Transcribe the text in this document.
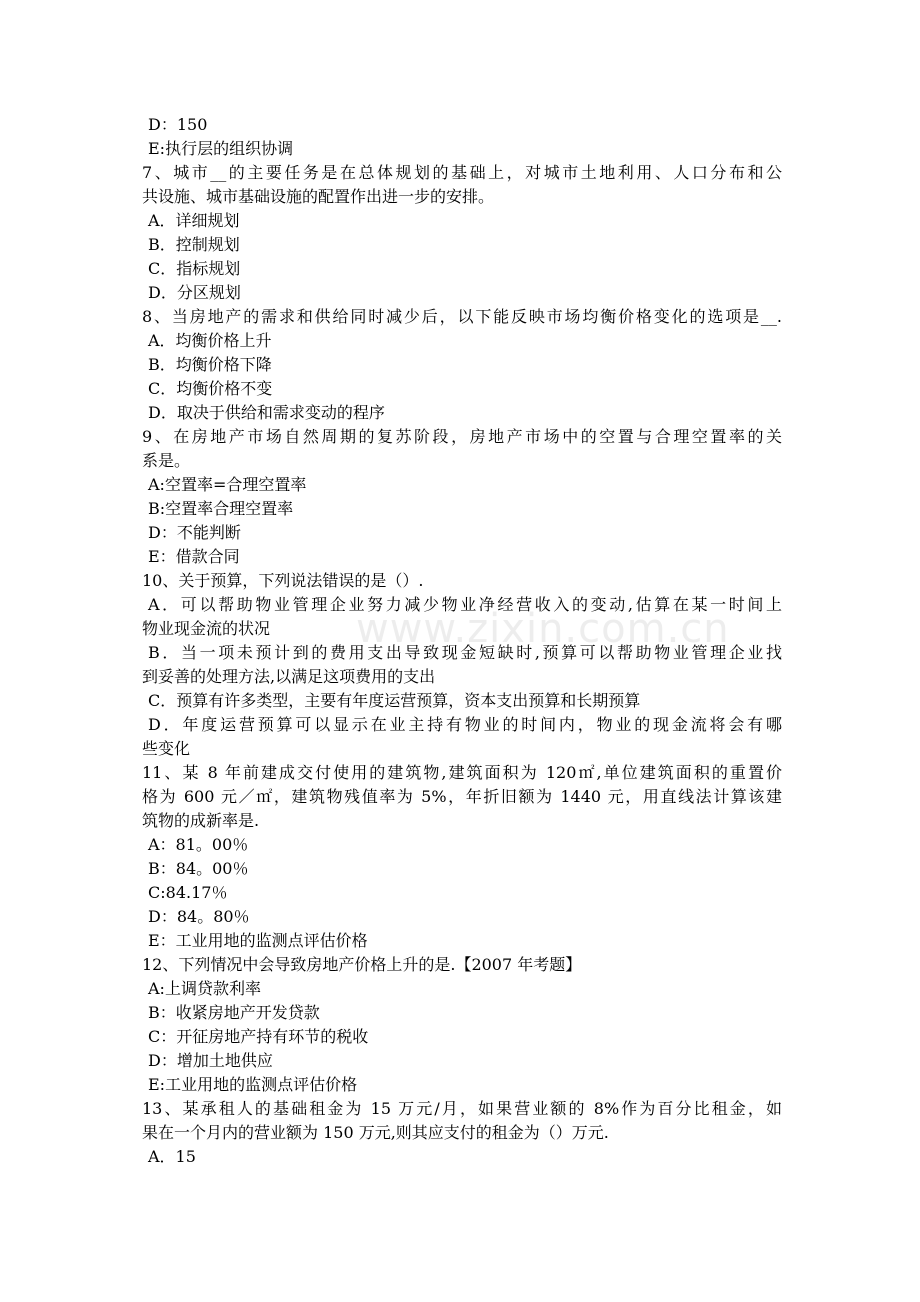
www.zixin.com.cn
D：150
E:执行层的组织协调
7、城市__的主要任务是在总体规划的基础上，对城市土地利用、人口分布和公
共设施、城市基础设施的配置作出进一步的安排。
A．详细规划
B．控制规划
C．指标规划
D．分区规划
8、当房地产的需求和供给同时减少后，以下能反映市场均衡价格变化的选项是__.
A．均衡价格上升
B．均衡价格下降
C．均衡价格不变
D．取决于供给和需求变动的程序
9、在房地产市场自然周期的复苏阶段，房地产市场中的空置与合理空置率的关
系是。
A:空置率=合理空置率
B:空置率合理空置率
D：不能判断
E：借款合同
10、关于预算，下列说法错误的是（）.
A．可以帮助物业管理企业努力减少物业净经营收入的变动,估算在某一时间上
物业现金流的状况
B．当一项未预计到的费用支出导致现金短缺时,预算可以帮助物业管理企业找
到妥善的处理方法,以满足这项费用的支出
C．预算有许多类型，主要有年度运营预算，资本支出预算和长期预算
D．年度运营预算可以显示在业主持有物业的时间内，物业的现金流将会有哪
些变化
11、某 8 年前建成交付使用的建筑物,建筑面积为 120㎡,单位建筑面积的重置价
格为 600 元／㎡，建筑物残值率为 5%，年折旧额为 1440 元，用直线法计算该建
筑物的成新率是.
A：81。00％
B：84。00％
C:84.17％
D：84。80％
E：工业用地的监测点评估价格
12、下列情况中会导致房地产价格上升的是.【2007 年考题】
A:上调贷款利率
B：收紧房地产开发贷款
C：开征房地产持有环节的税收
D：增加土地供应
E:工业用地的监测点评估价格
13、某承租人的基础租金为 15 万元/月，如果营业额的 8%作为百分比租金，如
果在一个月内的营业额为 150 万元,则其应支付的租金为（）万元.
A．15
